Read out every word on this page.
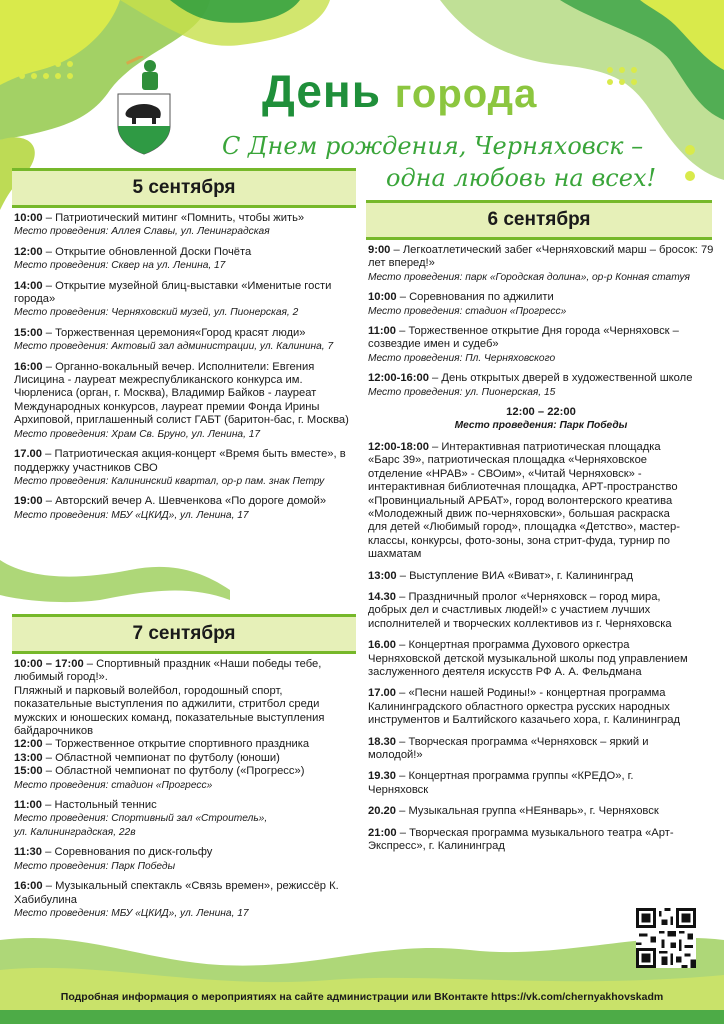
День города
С Днем рождения, Черняховск –
одна любовь на всех!
5 сентября
10:00 – Патриотический митинг «Помнить, чтобы жить»
Место проведения: Аллея Славы, ул. Ленинградская
12:00 – Открытие обновленной Доски Почёта
Место проведения: Сквер на ул. Ленина, 17
14:00 – Открытие музейной блиц-выставки «Именитые гости города»
Место проведения: Черняховский музей, ул. Пионерская, 2
15:00 – Торжественная церемония«Город красят люди»
Место проведения: Актовый зал администрации, ул. Калинина, 7
16:00 – Органно-вокальный вечер. Исполнители: Евгения Лисицина - лауреат межреспубликанского конкурса им. Чюрлениса (орган, г. Москва), Владимир Байков - лауреат Международных конкурсов, лауреат премии Фонда Ирины Архиповой, приглашенный солист ГАБТ (баритон-бас, г. Москва)
Место проведения: Храм Св. Бруно, ул. Ленина, 17
17.00 – Патриотическая акция-концерт «Время быть вместе», в поддержку участников СВО
Место проведения: Калининский квартал, ор-р пам. знак Петру
19:00 – Авторский вечер А. Шевченкова «По дороге домой»
Место проведения: МБУ «ЦКИД», ул. Ленина, 17
7 сентября
10:00 – 17:00 – Спортивный праздник «Наши победы тебе, любимый город!».
Пляжный и парковый волейбол, городошный спорт, показательные выступления по аджилити, стритбол среди мужских и юношеских команд, показательные выступления байдарочников
12:00 – Торжественное открытие спортивного праздника
13:00 – Областной чемпионат по футболу (юноши)
15:00 – Областной чемпионат по футболу («Прогресс»)
Место проведения: стадион «Прогресс»
11:00 – Настольный теннис
Место проведения: Спортивный зал «Строитель»,
ул. Калининградская, 22в
11:30 – Соревнования по диск-гольфу
Место проведения: Парк Победы
16:00 – Музыкальный спектакль «Связь времен», режиссёр К. Хабибулина
Место проведения: МБУ «ЦКИД», ул. Ленина, 17
6 сентября
9:00 – Легкоатлетический забег «Черняховский марш – бросок: 79 лет вперед!»
Место проведения: парк «Городская долина», ор-р Конная статуя
10:00 – Соревнования по аджилити
Место проведения: стадион «Прогресс»
11:00 – Торжественное открытие Дня города «Черняховск – созвездие имен и судеб»
Место проведения: Пл. Черняховского
12:00-16:00 – День открытых дверей в художественной школе
Место проведения: ул. Пионерская, 15
12:00 – 22:00
Место проведения: Парк Победы
12:00-18:00 – Интерактивная патриотическая площадка «Барс 39», патриотическая площадка «Черняховское отделение «НРАВ» - СВОим», «Читай Черняховск» - интерактивная библиотечная площадка, АРТ-пространство «Провинциальный АРБАТ», город волонтерского креатива «Молодежный движ по-черняховски», большая раскраска для детей «Любимый город», площадка «Детство», мастер-классы, конкурсы, фото-зоны, зона стрит-фуда, турнир по шахматам
13:00 – Выступление ВИА «Виват», г. Калининград
14.30 – Праздничный пролог «Черняховск – город мира, добрых дел и счастливых людей!» с участием лучших исполнителей и творческих коллективов из г. Черняховска
16.00 – Концертная программа Духового оркестра Черняховской детской музыкальной школы под управлением заслуженного деятеля искусств РФ А. А. Фельдмана
17.00 – «Песни нашей Родины!» - концертная программа Калининградского областного оркестра русских народных инструментов и Балтийского казачьего хора, г. Калининград
18.30 – Творческая программа «Черняховск – яркий и молодой!»
19.30 – Концертная программа группы «КРЕДО», г. Черняховск
20.20 – Музыкальная группа «НЕянварь», г. Черняховск
21:00 – Творческая программа музыкального театра «Арт-Экспресс», г. Калининград
Подробная информация о мероприятиях на сайте администрации или ВКонтакте https://vk.com/chernyakhovskadm
